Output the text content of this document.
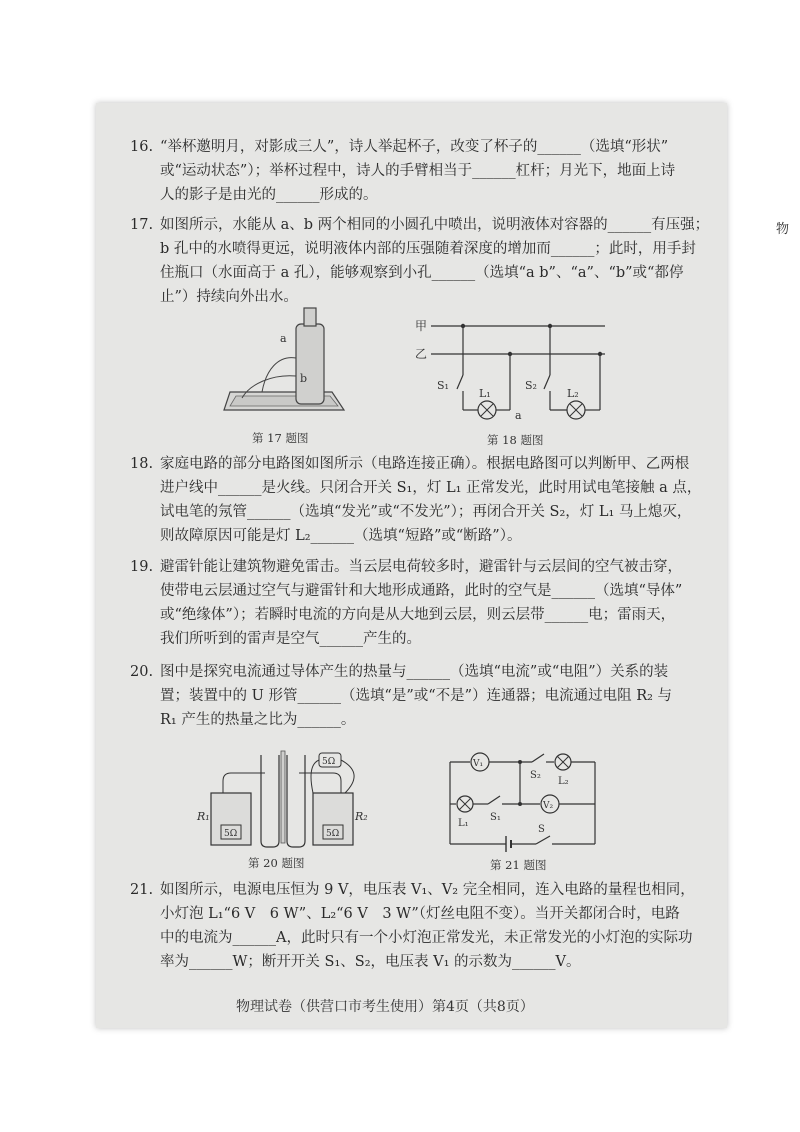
物
16. “举杯邀明月，对影成三人”，诗人举起杯子，改变了杯子的______（选填“形状”
或“运动状态”）；举杯过程中，诗人的手臂相当于______杠杆；月光下，地面上诗
人的影子是由光的______形成的。
17. 如图所示，水能从 a、b 两个相同的小圆孔中喷出，说明液体对容器的______有压强；
b 孔中的水喷得更远，说明液体内部的压强随着深度的增加而______；此时，用手封
住瓶口（水面高于 a 孔），能够观察到小孔______（选填“a b”、“a”、“b”或“都停
止”）持续向外出水。
a
b
第 17 题图
甲
乙
S₁
L₁
a
S₂
L₂
第 18 题图
18. 家庭电路的部分电路图如图所示（电路连接正确）。根据电路图可以判断甲、乙两根
进户线中______是火线。只闭合开关 S₁，灯 L₁ 正常发光，此时用试电笔接触 a 点，
试电笔的氖管______（选填“发光”或“不发光”）；再闭合开关 S₂，灯 L₁ 马上熄灭，
则故障原因可能是灯 L₂______（选填“短路”或“断路”）。
19. 避雷针能让建筑物避免雷击。当云层电荷较多时，避雷针与云层间的空气被击穿，
使带电云层通过空气与避雷针和大地形成通路，此时的空气是______（选填“导体”
或“绝缘体”）；若瞬时电流的方向是从大地到云层，则云层带______电；雷雨天，
我们所听到的雷声是空气______产生的。
20. 图中是探究电流通过导体产生的热量与______（选填“电流”或“电阻”）关系的装
置；装置中的 U 形管______（选填“是”或“不是”）连通器；电流通过电阻 R₂ 与
R₁ 产生的热量之比为______。
R₁	R₂
5Ω	5Ω
5Ω
第 20 题图
V₁
S₂
L₂
V₂
L₁
S₁
S
第 21 题图
21. 如图所示，电源电压恒为 9 V，电压表 V₁、V₂ 完全相同，连入电路的量程也相同，
小灯泡 L₁“6 V　6 W”、L₂“6 V　3 W”（灯丝电阻不变）。当开关都闭合时，电路
中的电流为______A，此时只有一个小灯泡正常发光，未正常发光的小灯泡的实际功
率为______W；断开开关 S₁、S₂，电压表 V₁ 的示数为______V。
物理试卷（供营口市考生使用）第4页（共8页）
